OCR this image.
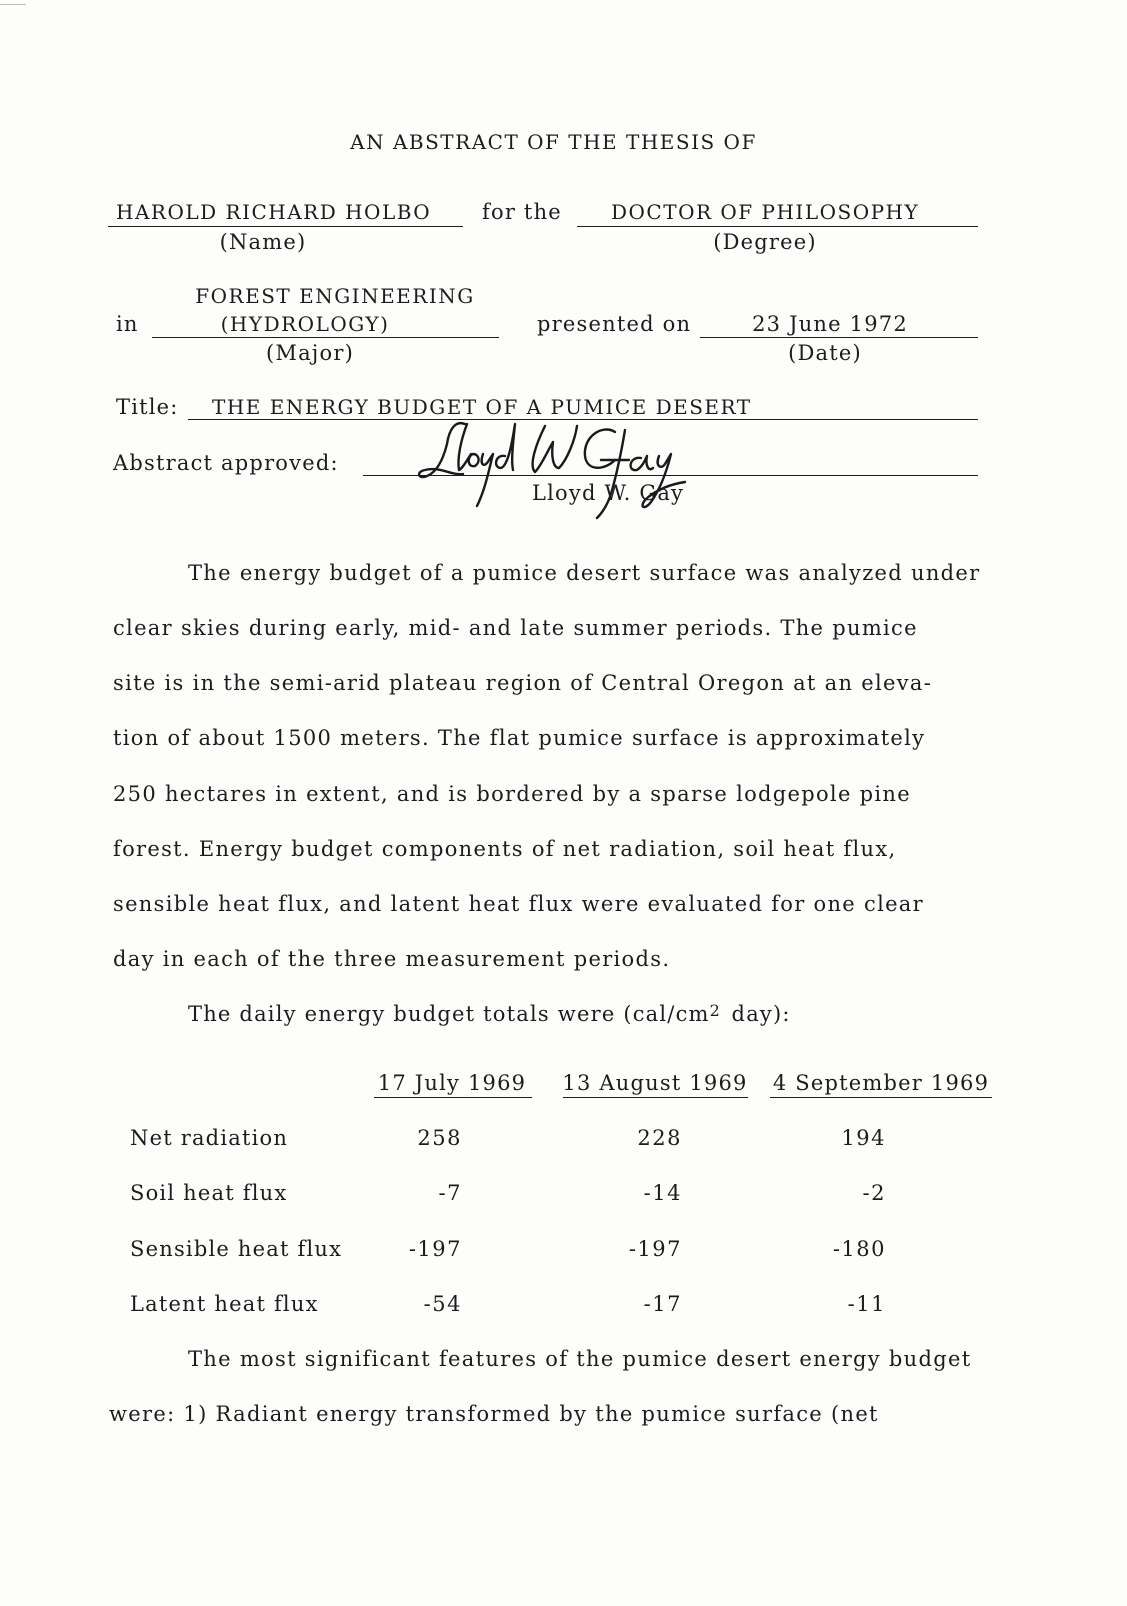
AN ABSTRACT OF THE THESIS OF
HAROLD RICHARD HOLBO
(Name)
for the DOCTOR OF PHILOSOPHY
(Degree)
FOREST ENGINEERING
in	(HYDROLOGY)
(Major)
presented on	23 June 1972
(Date)
Title: THE ENERGY BUDGET OF A PUMICE DESERT
Abstract approved:
Lloyd W. Gay
The energy budget of a pumice desert surface was analyzed under
clear skies during early, mid- and late summer periods. The pumice
site is in the semi-arid plateau region of Central Oregon at an eleva-
tion of about 1500 meters. The flat pumice surface is approximately
250 hectares in extent, and is bordered by a sparse lodgepole pine
forest. Energy budget components of net radiation, soil heat flux,
sensible heat flux, and latent heat flux were evaluated for one clear
day in each of the three measurement periods.
The daily energy budget totals were (cal/cm 2 day):
17 July 1969 13 August 1969 4 September 1969
Net radiation	258	228	194
Soil heat flux	-7	-14	-2
Sensible heat flux	-197	-197	-180
Latent heat flux	-54	-17	-11
The most significant features of the pumice desert energy budget
were: 1) Radiant energy transformed by the pumice surface (net
